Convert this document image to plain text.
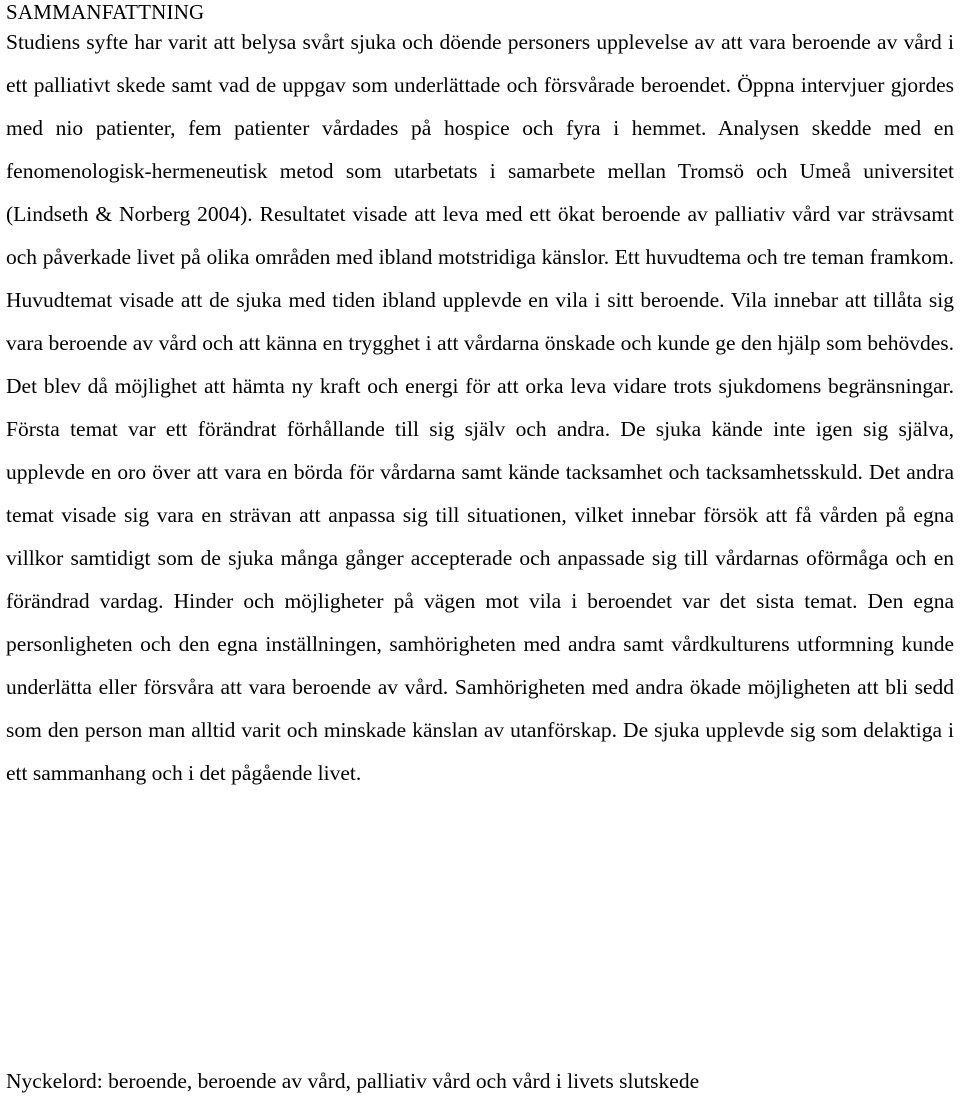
SAMMANFATTNING

Studiens syfte har varit att belysa svårt sjuka och döende personers upplevelse av att vara beroende av vård i ett palliativt skede samt vad de uppgav som underlättade och försvårade beroendet. Öppna intervjuer gjordes med nio patienter, fem patienter vårdades på hospice och fyra i hemmet. Analysen skedde med en fenomenologisk-hermeneutisk metod som utarbetats i samarbete mellan Tromsö och Umeå universitet (Lindseth & Norberg 2004). Resultatet visade att leva med ett ökat beroende av palliativ vård var strävsamt och påverkade livet på olika områden med ibland motstridiga känslor. Ett huvudtema och tre teman framkom. Huvudtemat visade att de sjuka med tiden ibland upplevde en vila i sitt beroende. Vila innebar att tillåta sig vara beroende av vård och att känna en trygghet i att vårdarna önskade och kunde ge den hjälp som behövdes. Det blev då möjlighet att hämta ny kraft och energi för att orka leva vidare trots sjukdomens begränsningar. Första temat var ett förändrat förhållande till sig själv och andra. De sjuka kände inte igen sig själva, upplevde en oro över att vara en börda för vårdarna samt kände tacksamhet och tacksamhetsskuld. Det andra temat visade sig vara en strävan att anpassa sig till situationen, vilket innebar försök att få vården på egna villkor samtidigt som de sjuka många gånger accepterade och anpassade sig till vårdarnas oförmåga och en förändrad vardag. Hinder och möjligheter på vägen mot vila i beroendet var det sista temat. Den egna personligheten och den egna inställningen, samhörigheten med andra samt vårdkulturens utformning kunde underlätta eller försvåra att vara beroende av vård. Samhörigheten med andra ökade möjligheten att bli sedd som den person man alltid varit och minskade känslan av utanförskap. De sjuka upplevde sig som delaktiga i ett sammanhang och i det pågående livet.

Nyckelord: beroende, beroende av vård, palliativ vård och vård i livets slutskede
